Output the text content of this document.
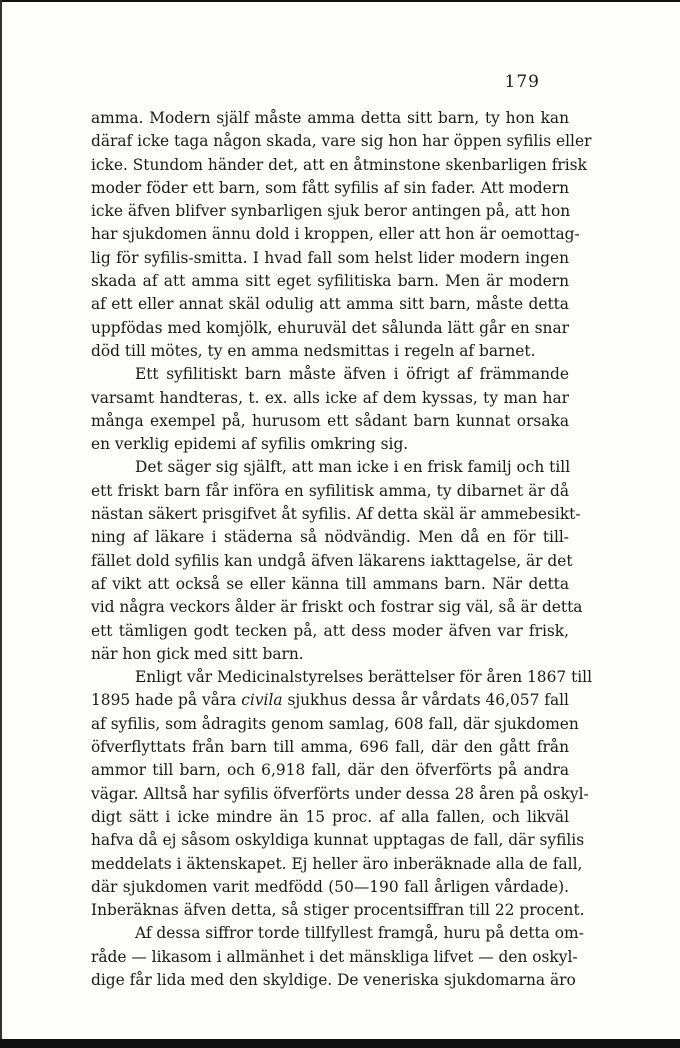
179
amma. Modern själf måste amma detta sitt barn, ty hon kan
däraf icke taga någon skada, vare sig hon har öppen syfilis eller
icke. Stundom händer det, att en åtminstone skenbarligen frisk
moder föder ett barn, som fått syfilis af sin fader. Att modern
icke äfven blifver synbarligen sjuk beror antingen på, att hon
har sjukdomen ännu dold i kroppen, eller att hon är oemottag-
lig för syfilis-smitta. I hvad fall som helst lider modern ingen
skada af att amma sitt eget syfilitiska barn. Men är modern
af ett eller annat skäl odulig att amma sitt barn, måste detta
uppfödas med komjölk, ehuruväl det sålunda lätt går en snar
död till mötes, ty en amma nedsmittas i regeln af barnet.
Ett syfilitiskt barn måste äfven i öfrigt af främmande
varsamt handteras, t. ex. alls icke af dem kyssas, ty man har
många exempel på, hurusom ett sådant barn kunnat orsaka
en verklig epidemi af syfilis omkring sig.
Det säger sig själft, att man icke i en frisk familj och till
ett friskt barn får införa en syfilitisk amma, ty dibarnet är då
nästan säkert prisgifvet åt syfilis. Af detta skäl är ammebesikt-
ning af läkare i städerna så nödvändig. Men då en för till-
fället dold syfilis kan undgå äfven läkarens iakttagelse, är det
af vikt att också se eller känna till ammans barn. När detta
vid några veckors ålder är friskt och fostrar sig väl, så är detta
ett tämligen godt tecken på, att dess moder äfven var frisk,
när hon gick med sitt barn.
Enligt vår Medicinalstyrelses berättelser för åren 1867 till
1895 hade på våra civila sjukhus dessa år vårdats 46,057 fall
af syfilis, som ådragits genom samlag, 608 fall, där sjukdomen
öfverflyttats från barn till amma, 696 fall, där den gått från
ammor till barn, och 6,918 fall, där den öfverförts på andra
vägar. Alltså har syfilis öfverförts under dessa 28 åren på oskyl-
digt sätt i icke mindre än 15 proc. af alla fallen, och likväl
hafva då ej såsom oskyldiga kunnat upptagas de fall, där syfilis
meddelats i äktenskapet. Ej heller äro inberäknade alla de fall,
där sjukdomen varit medfödd (50—190 fall årligen vårdade).
Inberäknas äfven detta, så stiger procentsiffran till 22 procent.
Af dessa siffror torde tillfyllest framgå, huru på detta om-
råde — likasom i allmänhet i det mänskliga lifvet — den oskyl-
dige får lida med den skyldige. De veneriska sjukdomarna äro
